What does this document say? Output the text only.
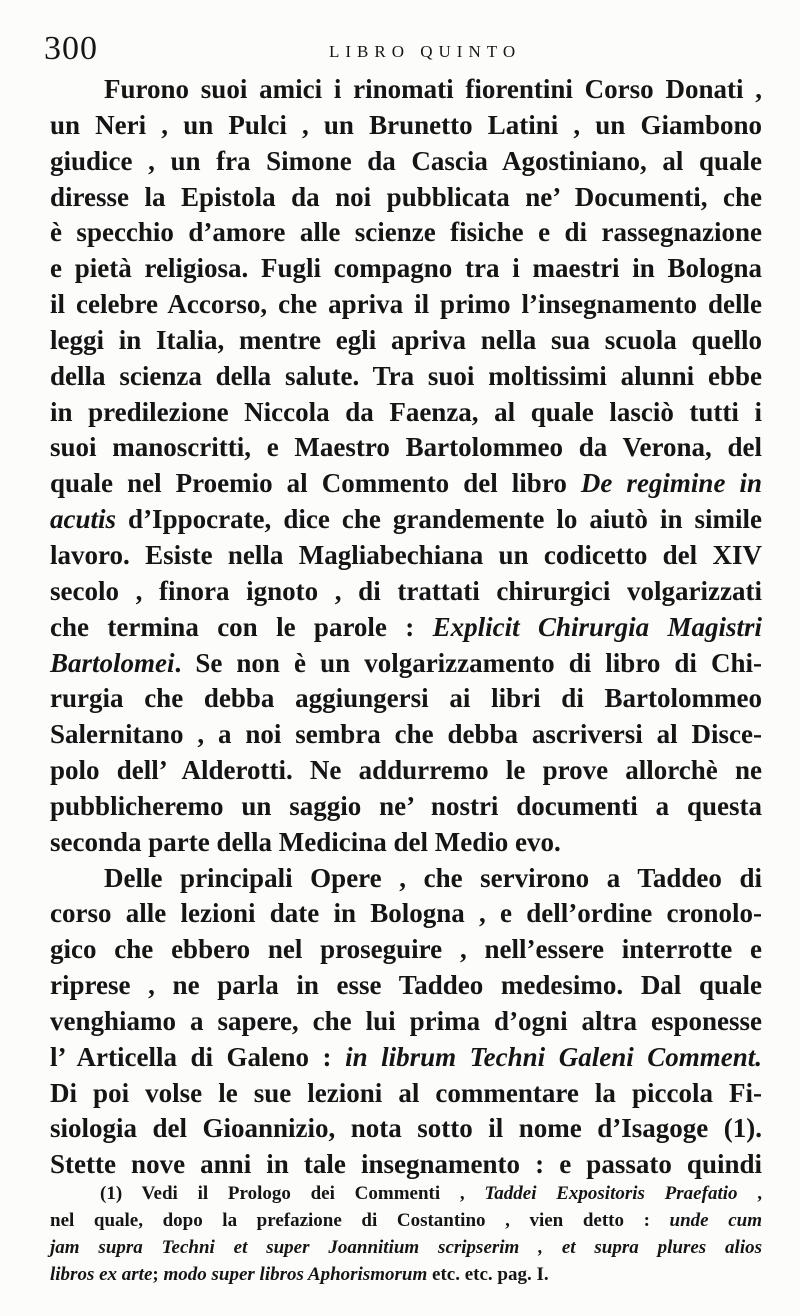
300	LIBRO QUINTO
Furono suoi amici i rinomati fiorentini Corso Donati ,
un Neri , un Pulci , un Brunetto Latini , un Giambono
giudice , un fra Simone da Cascia Agostiniano, al quale
diresse la Epistola da noi pubblicata ne’ Documenti, che
è specchio d’amore alle scienze fisiche e di rassegnazione
e pietà religiosa. Fugli compagno tra i maestri in Bologna
il celebre Accorso, che apriva il primo l’insegnamento delle
leggi in Italia, mentre egli apriva nella sua scuola quello
della scienza della salute. Tra suoi moltissimi alunni ebbe
in predilezione Niccola da Faenza, al quale lasciò tutti i
suoi manoscritti, e Maestro Bartolommeo da Verona, del
quale nel Proemio al Commento del libro De regimine in
acutis d’Ippocrate, dice che grandemente lo aiutò in simile
lavoro. Esiste nella Magliabechiana un codicetto del XIV
secolo , finora ignoto , di trattati chirurgici volgarizzati
che termina con le parole : Explicit Chirurgia Magistri
Bartolomei. Se non è un volgarizzamento di libro di Chi-
rurgia che debba aggiungersi ai libri di Bartolommeo
Salernitano , a noi sembra che debba ascriversi al Disce-
polo dell’ Alderotti. Ne addurremo le prove allorchè ne
pubblicheremo un saggio ne’ nostri documenti a questa
seconda parte della Medicina del Medio evo.
Delle principali Opere , che servirono a Taddeo di
corso alle lezioni date in Bologna , e dell’ordine cronolo-
gico che ebbero nel proseguire , nell’essere interrotte e
riprese , ne parla in esse Taddeo medesimo. Dal quale
venghiamo a sapere, che lui prima d’ogni altra esponesse
l’ Articella di Galeno : in librum Techni Galeni Comment.
Di poi volse le sue lezioni al commentare la piccola Fi-
siologia del Gioannizio, nota sotto il nome d’Isagoge (1).
Stette nove anni in tale insegnamento : e passato quindi
(1) Vedi il Prologo dei Commenti , Taddei Expositoris Praefatio ,
nel quale, dopo la prefazione di Costantino , vien detto : unde cum
jam supra Techni et super Joannitium scripserim , et supra plures alios
libros ex arte; modo super libros Aphorismorum etc. etc. pag. I.
